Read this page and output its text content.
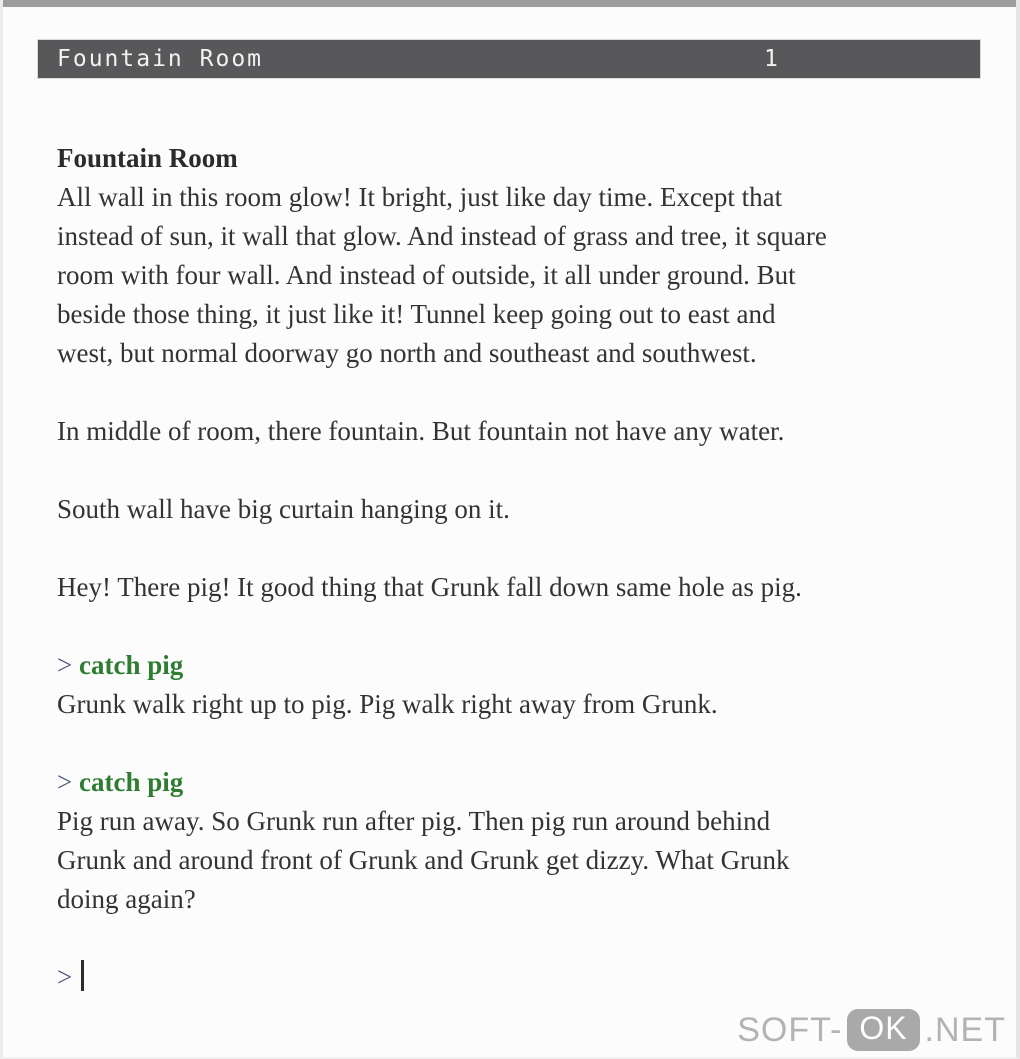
Fountain Room	1
Fountain Room
All wall in this room glow! It bright, just like day time. Except that
instead of sun, it wall that glow. And instead of grass and tree, it square
room with four wall. And instead of outside, it all under ground. But
beside those thing, it just like it! Tunnel keep going out to east and
west, but normal doorway go north and southeast and southwest.
In middle of room, there fountain. But fountain not have any water.
South wall have big curtain hanging on it.
Hey! There pig! It good thing that Grunk fall down same hole as pig.
> catch pig
Grunk walk right up to pig. Pig walk right away from Grunk.
> catch pig
Pig run away. So Grunk run after pig. Then pig run around behind
Grunk and around front of Grunk and Grunk get dizzy. What Grunk
doing again?
>
SOFT- OK .NET
